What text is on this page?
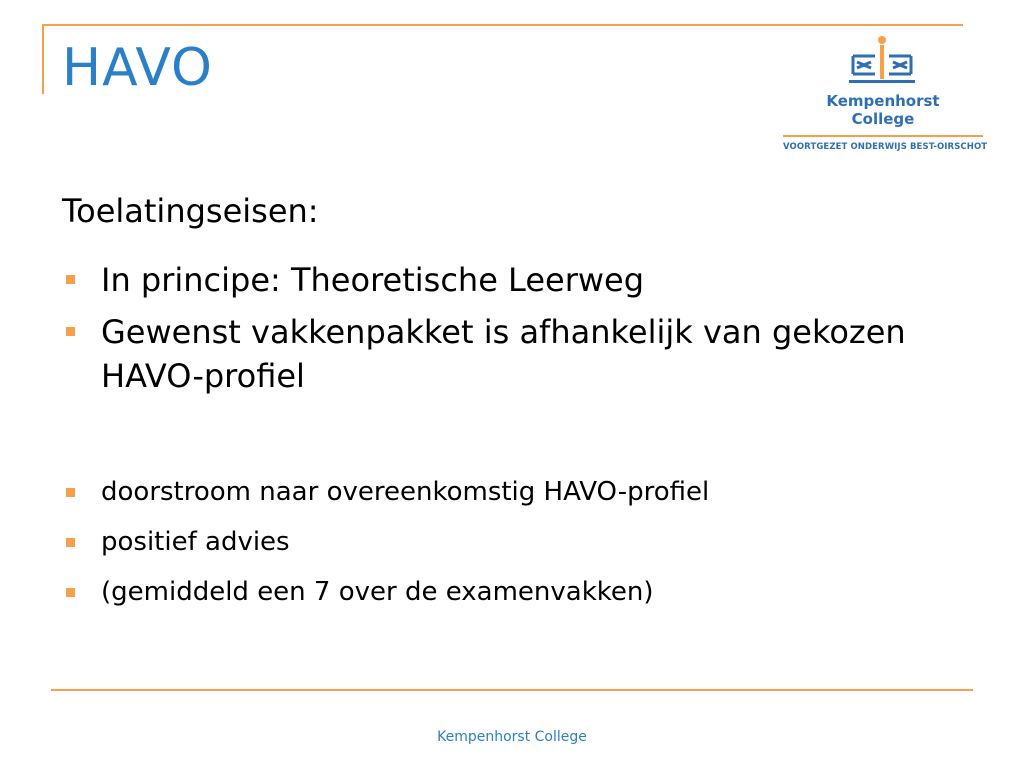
HAVO
Kempenhorst
College
VOORTGEZET ONDERWIJS BEST-OIRSCHOT
Toelatingseisen:
In principe: Theoretische Leerweg
Gewenst vakkenpakket is afhankelijk van gekozen HAVO-profiel
doorstroom naar overeenkomstig HAVO-profiel
positief advies
(gemiddeld een 7 over de examenvakken)
Kempenhorst College
